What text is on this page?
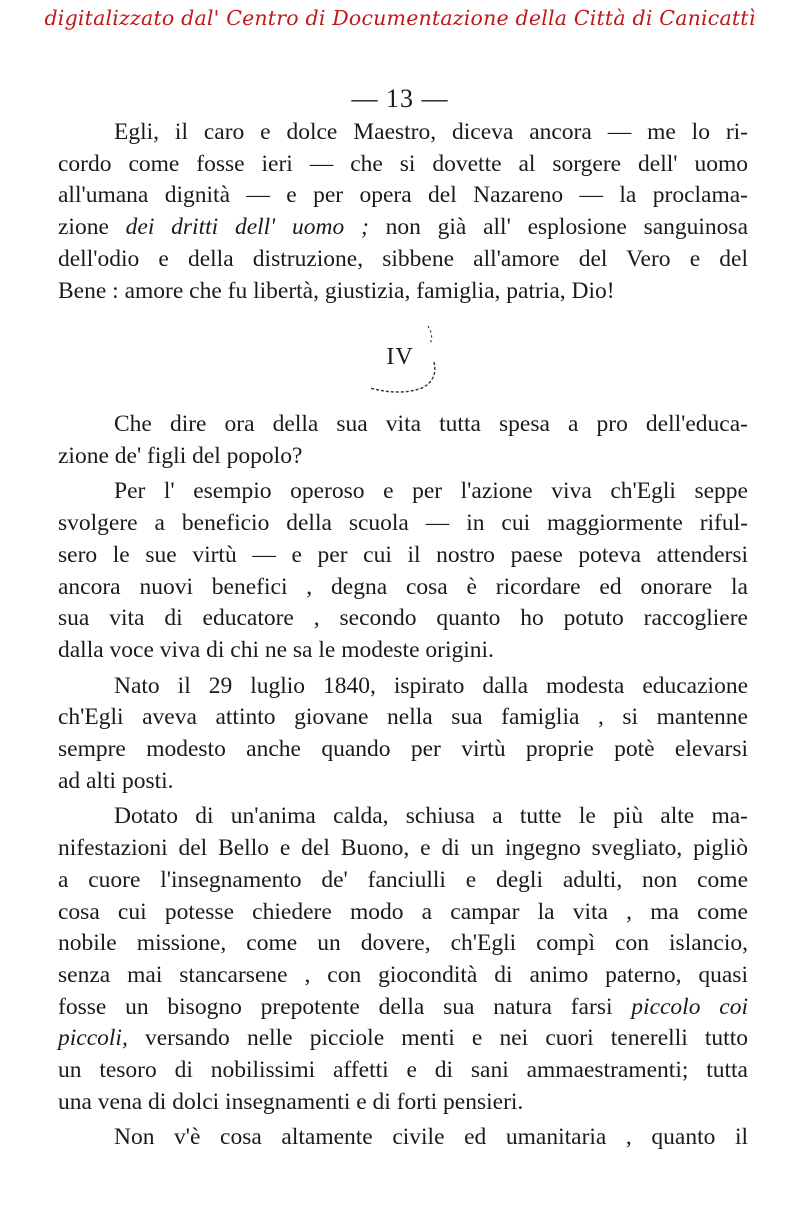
digitalizzato dal' Centro di Documentazione della Città di Canicattì
— 13 —
Egli, il caro e dolce Maestro, diceva ancora — me lo ri-
cordo come fosse ieri — che si dovette al sorgere dell' uomo
all'umana dignità — e per opera del Nazareno — la proclama-
zione dei dritti dell' uomo ; non già all' esplosione sanguinosa
dell'odio e della distruzione, sibbene all'amore del Vero e del
Bene : amore che fu libertà, giustizia, famiglia, patria, Dio!
IV
Che dire ora della sua vita tutta spesa a pro dell'educa-
zione de' figli del popolo?
Per l' esempio operoso e per l'azione viva ch'Egli seppe
svolgere a beneficio della scuola — in cui maggiormente riful-
sero le sue virtù — e per cui il nostro paese poteva attendersi
ancora nuovi benefici , degna cosa è ricordare ed onorare la
sua vita di educatore , secondo quanto ho potuto raccogliere
dalla voce viva di chi ne sa le modeste origini.
Nato il 29 luglio 1840, ispirato dalla modesta educazione
ch'Egli aveva attinto giovane nella sua famiglia , si mantenne
sempre modesto anche quando per virtù proprie potè elevarsi
ad alti posti.
Dotato di un'anima calda, schiusa a tutte le più alte ma-
nifestazioni del Bello e del Buono, e di un ingegno svegliato, pigliò
a cuore l'insegnamento de' fanciulli e degli adulti, non come
cosa cui potesse chiedere modo a campar la vita , ma come
nobile missione, come un dovere, ch'Egli compì con islancio,
senza mai stancarsene , con giocondità di animo paterno, quasi
fosse un bisogno prepotente della sua natura farsi piccolo coi
piccoli, versando nelle picciole menti e nei cuori tenerelli tutto
un tesoro di nobilissimi affetti e di sani ammaestramenti; tutta
una vena di dolci insegnamenti e di forti pensieri.
Non v'è cosa altamente civile ed umanitaria , quanto il
